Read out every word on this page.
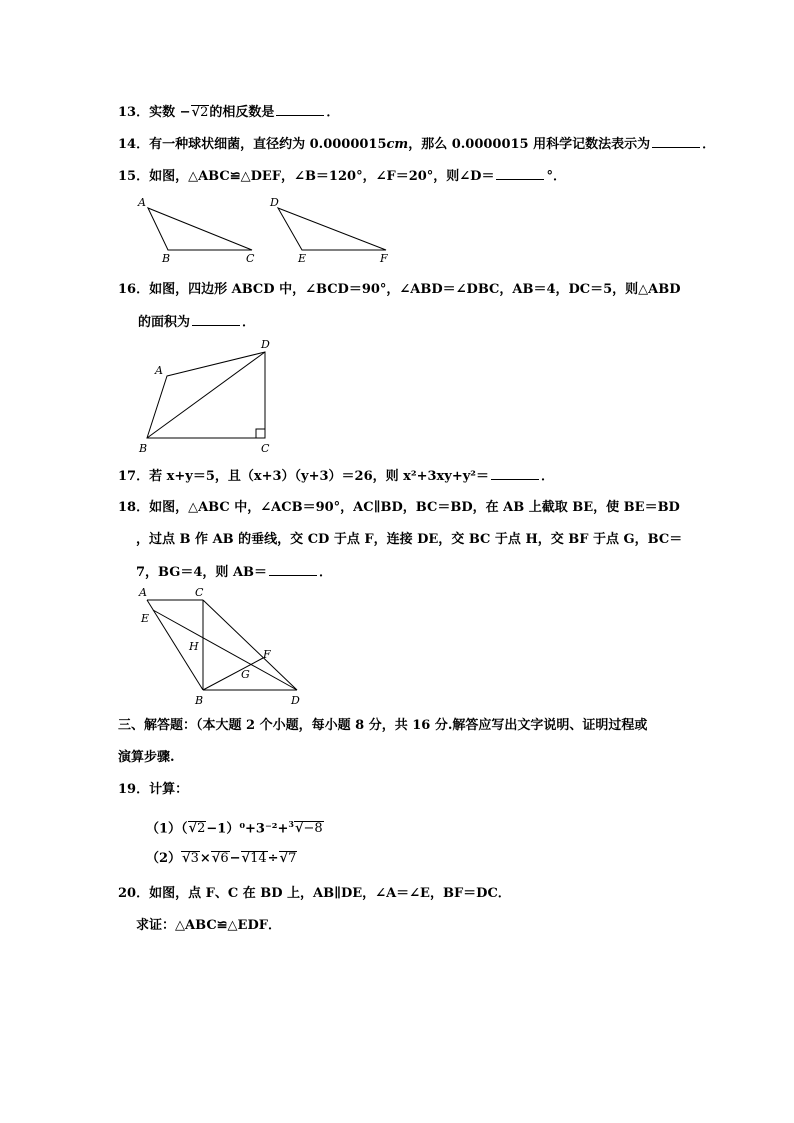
13．实数 −√2的相反数是	．
14．有一种球状细菌，直径约为 0.0000015cm，那么 0.0000015 用科学记数法表示为	．
15．如图，△ABC≌△DEF，∠B＝120°，∠F＝20°，则∠D＝	°．
A
B	C
D
E	F
16．如图，四边形 ABCD 中，∠BCD＝90°，∠ABD＝∠DBC，AB＝4，DC＝5，则△ABD
的面积为	．
A
B	C
D
17．若 x+y＝5，且（x+3）（y+3）＝26，则 x²+3xy+y²＝	．
18．如图，△ABC 中，∠ACB＝90°，AC∥BD，BC＝BD，在 AB 上截取 BE，使 BE＝BD
，过点 B 作 AB 的垂线，交 CD 于点 F，连接 DE，交 BC 于点 H，交 BF 于点 G，BC＝
7，BG＝4，则 AB＝	．
A	C
E
H
F
G
B	D
三、解答题：（本大题 2 个小题，每小题 8 分，共 16 分.解答应写出文字说明、证明过程或
演算步骤.
19．计算：
（1）（√2−1）⁰+3⁻²+$^3$√−8
（2）√3×√6−√14÷√7
20．如图，点 F、C 在 BD 上，AB∥DE，∠A＝∠E，BF＝DC．
求证：△ABC≌△EDF．
